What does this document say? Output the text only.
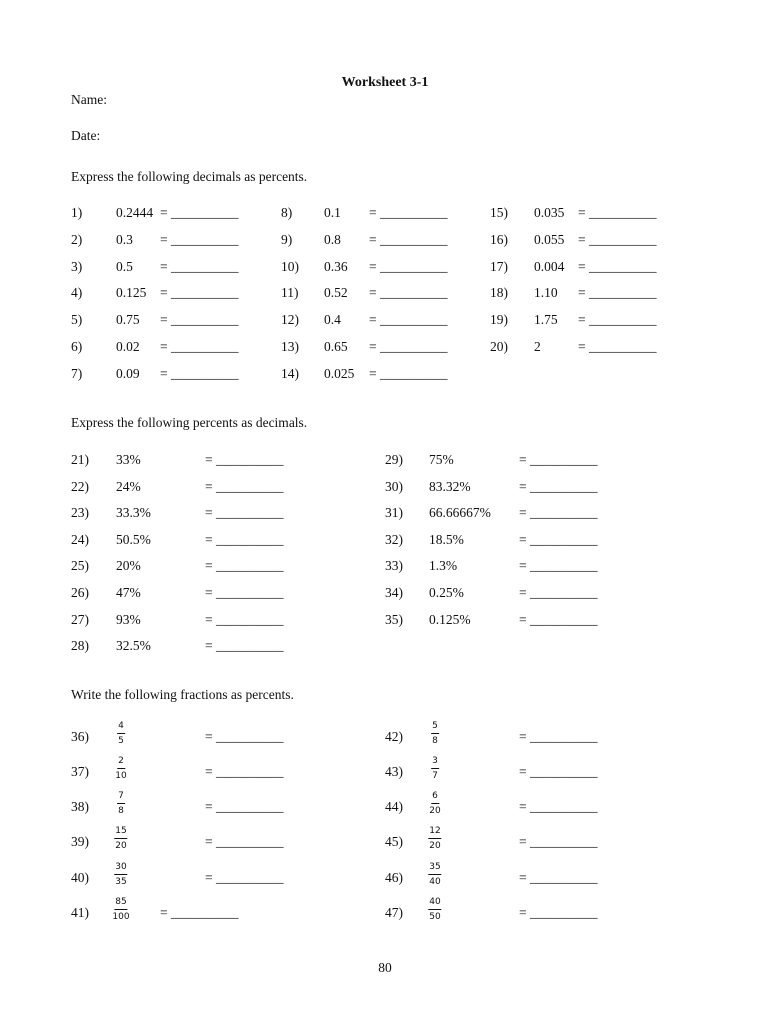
Worksheet 3-1
Name:
Date:
Express the following decimals as percents.
1)	0.2444 = __________
2)	0.3 = __________
3)	0.5 = __________
4)	0.125 = __________
5)	0.75 = __________
6)	0.02 = __________
7)	0.09 = __________
8) 0.1 = __________
9) 0.8 = __________
10) 0.36 = __________
11) 0.52 = __________
12) 0.4 = __________
13) 0.65 = __________
14) 0.025 = __________
15) 0.035 = __________
16) 0.055 = __________
17) 0.004 = __________
18) 1.10 = __________
19) 1.75 = __________
20) 2	= __________
Express the following percents as decimals.
21) 33%	= __________
22) 24%	= __________
23) 33.3%	= __________
24) 50.5%	= __________
25) 20%	= __________
26) 47%	= __________
27) 93%	= __________
28) 32.5%	= __________
29) 75%	= __________
30) 83.32%	= __________
31) 66.66667% = __________
32) 18.5%	= __________
33) 1.3%	= __________
34) 0.25%	= __________
35) 0.125%	= __________
Write the following fractions as percents.
36)	$\frac{4}{5}$	= __________
37)	$\frac{2}{10}$	= __________
38)	$\frac{7}{8}$	= __________
39)	$\frac{15}{20}$	= __________
40)	$\frac{30}{35}$	= __________
41)	$\frac{85}{100}$ = __________
42)	$\frac{5}{8}$	= __________
43)	$\frac{3}{7}$	= __________
44)	$\frac{6}{20}$	= __________
45)	$\frac{12}{20}$	= __________
46)	$\frac{35}{40}$	= __________
47)	$\frac{40}{50}$	= __________
80
